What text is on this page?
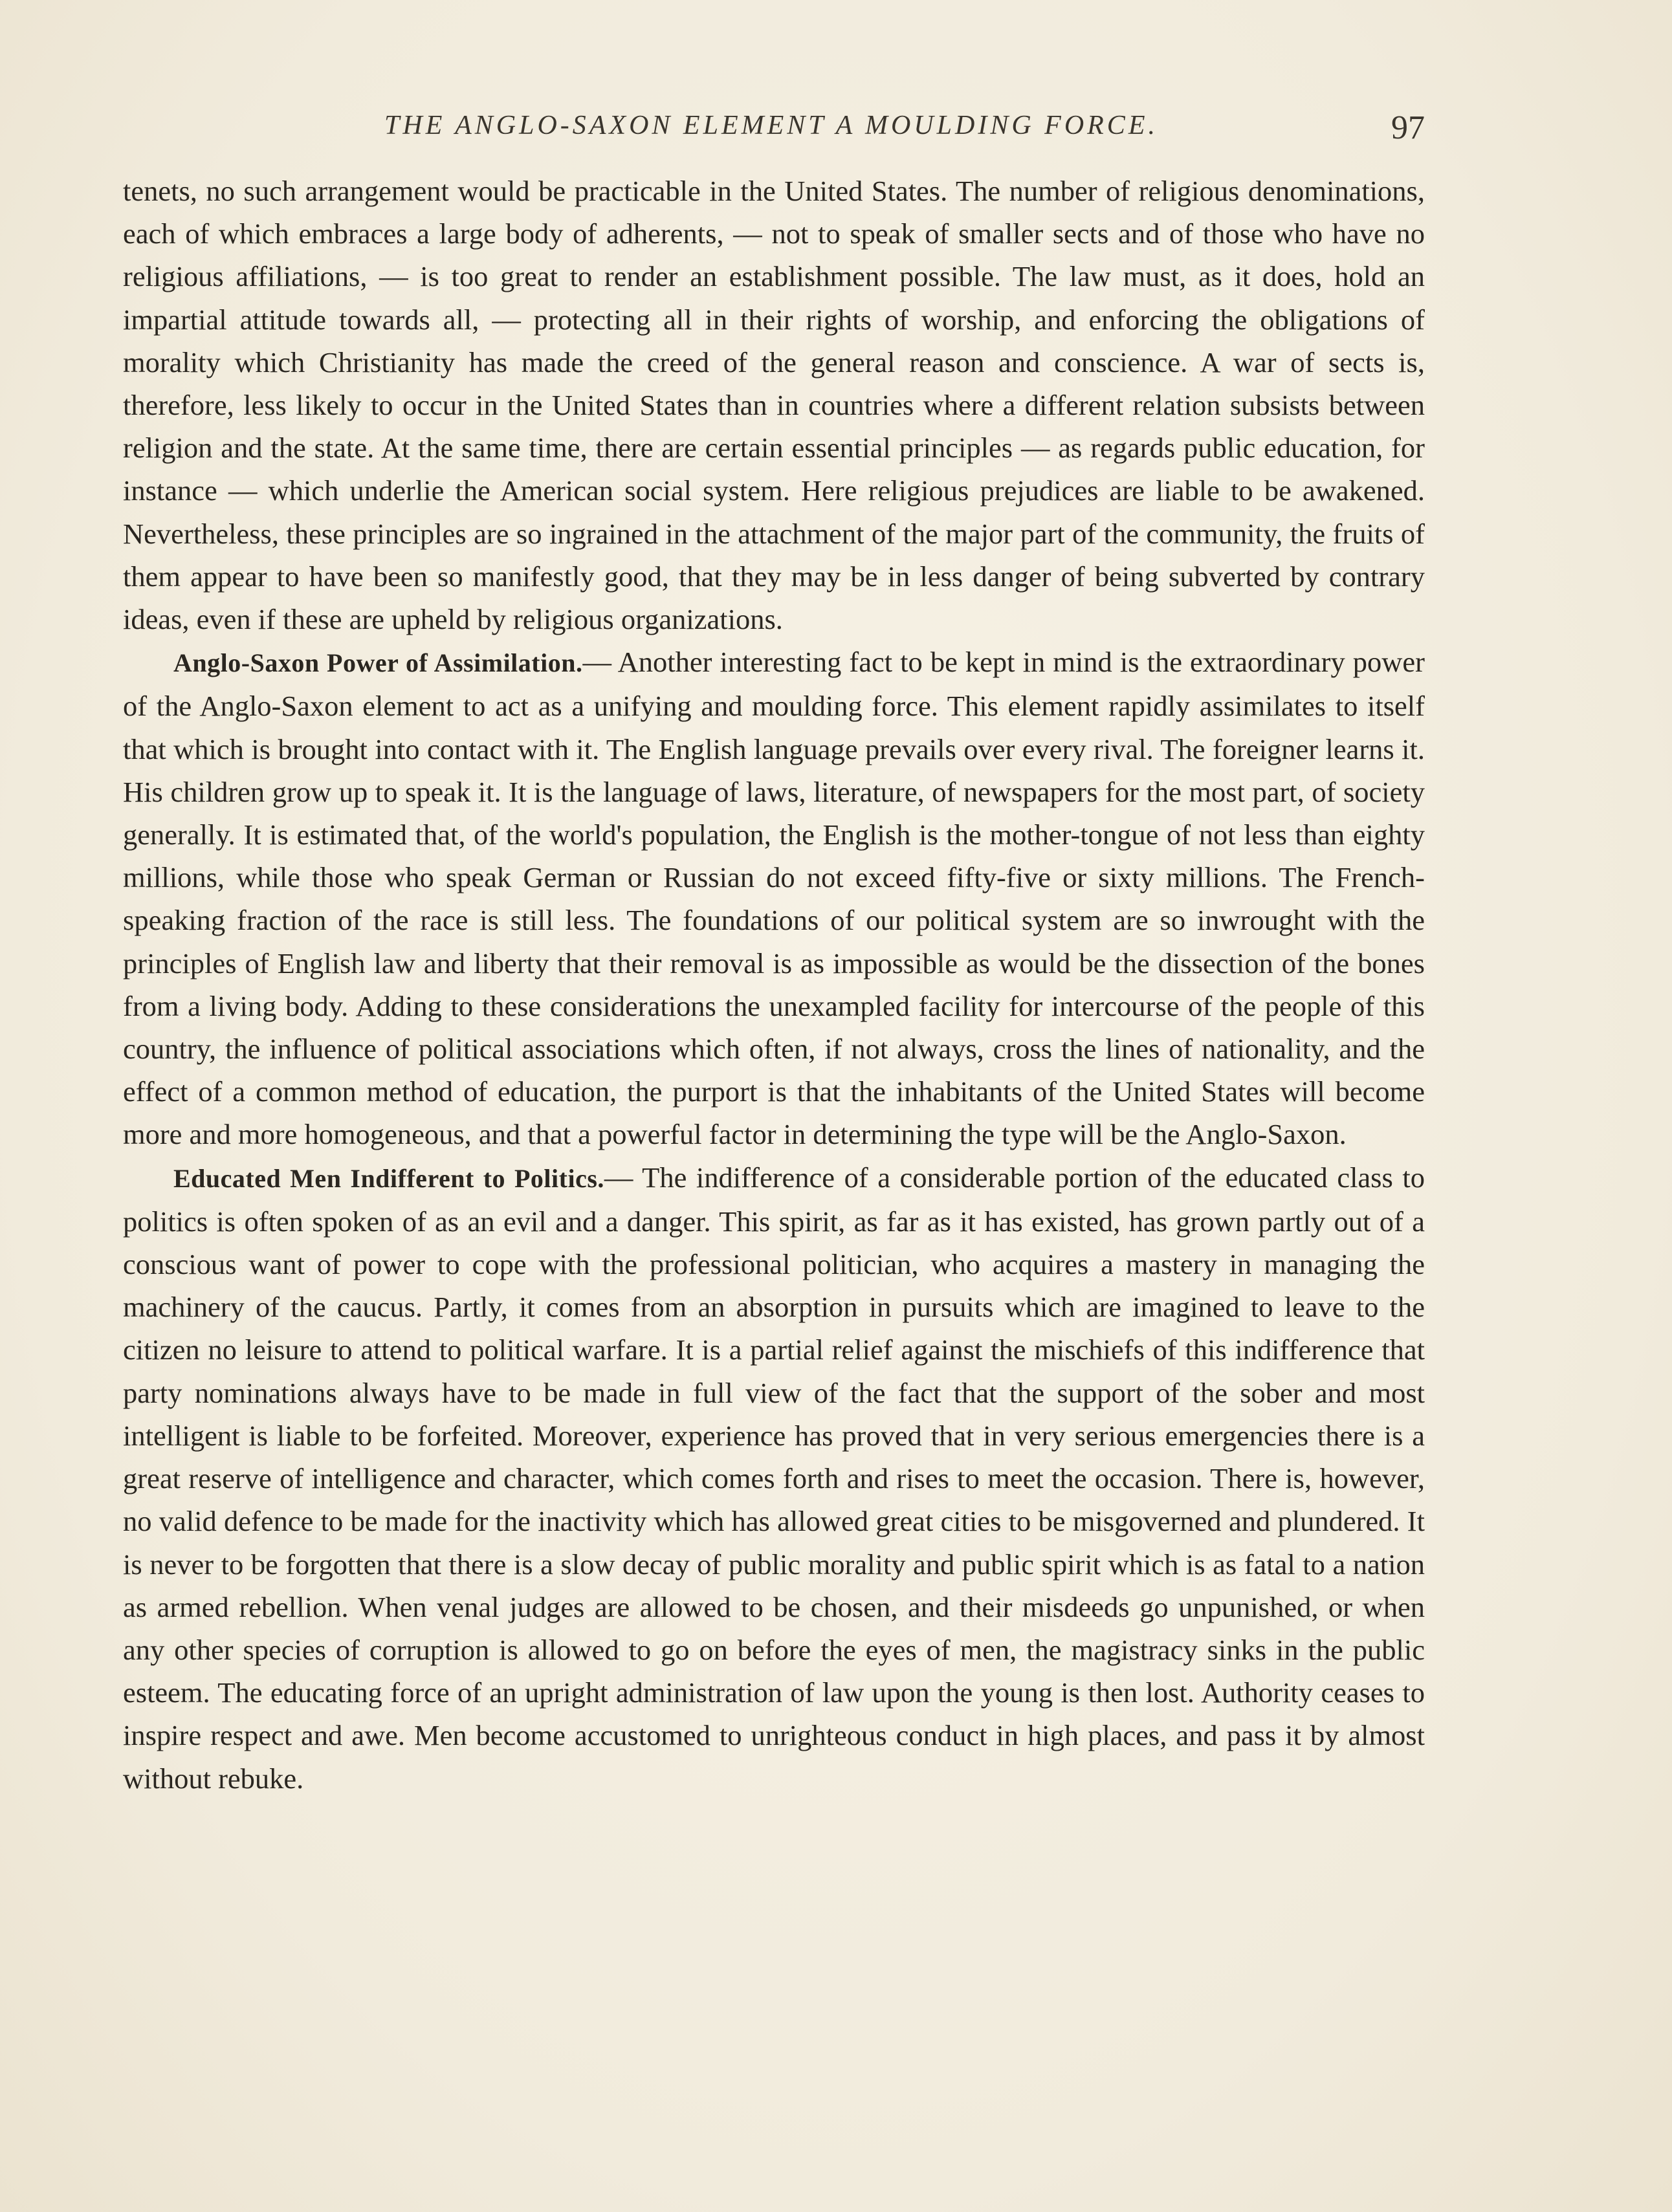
THE ANGLO-SAXON ELEMENT A MOULDING FORCE.	97

tenets, no such arrangement would be practicable in the United States. The number of religious denominations, each of which embraces a large body of adherents, — not to speak of smaller sects and of those who have no religious affiliations, — is too great to render an establishment possible. The law must, as it does, hold an impartial attitude towards all, — protecting all in their rights of worship, and enforcing the obligations of morality which Christianity has made the creed of the general reason and conscience. A war of sects is, therefore, less likely to occur in the United States than in countries where a different relation subsists between religion and the state. At the same time, there are certain essential principles — as regards public education, for instance — which underlie the American social system. Here religious prejudices are liable to be awakened. Nevertheless, these principles are so ingrained in the attachment of the major part of the community, the fruits of them appear to have been so manifestly good, that they may be in less danger of being subverted by contrary ideas, even if these are upheld by religious organizations.

Anglo-Saxon Power of Assimilation.— Another interesting fact to be kept in mind is the extraordinary power of the Anglo-Saxon element to act as a unifying and moulding force. This element rapidly assimilates to itself that which is brought into contact with it. The English language prevails over every rival. The foreigner learns it. His children grow up to speak it. It is the language of laws, literature, of newspapers for the most part, of society generally. It is estimated that, of the world's population, the English is the mother-tongue of not less than eighty millions, while those who speak German or Russian do not exceed fifty-five or sixty millions. The French-speaking fraction of the race is still less. The foundations of our political system are so inwrought with the principles of English law and liberty that their removal is as impossible as would be the dissection of the bones from a living body. Adding to these considerations the unexampled facility for intercourse of the people of this country, the influence of political associations which often, if not always, cross the lines of nationality, and the effect of a common method of education, the purport is that the inhabitants of the United States will become more and more homogeneous, and that a powerful factor in determining the type will be the Anglo-Saxon.

Educated Men Indifferent to Politics.— The indifference of a considerable portion of the educated class to politics is often spoken of as an evil and a danger. This spirit, as far as it has existed, has grown partly out of a conscious want of power to cope with the professional politician, who acquires a mastery in managing the machinery of the caucus. Partly, it comes from an absorption in pursuits which are imagined to leave to the citizen no leisure to attend to political warfare. It is a partial relief against the mischiefs of this indifference that party nominations always have to be made in full view of the fact that the support of the sober and most intelligent is liable to be forfeited. Moreover, experience has proved that in very serious emergencies there is a great reserve of intelligence and character, which comes forth and rises to meet the occasion. There is, however, no valid defence to be made for the inactivity which has allowed great cities to be misgoverned and plundered. It is never to be forgotten that there is a slow decay of public morality and public spirit which is as fatal to a nation as armed rebellion. When venal judges are allowed to be chosen, and their misdeeds go unpunished, or when any other species of corruption is allowed to go on before the eyes of men, the magistracy sinks in the public esteem. The educating force of an upright administration of law upon the young is then lost. Authority ceases to inspire respect and awe. Men become accustomed to unrighteous conduct in high places, and pass it by almost without rebuke.
